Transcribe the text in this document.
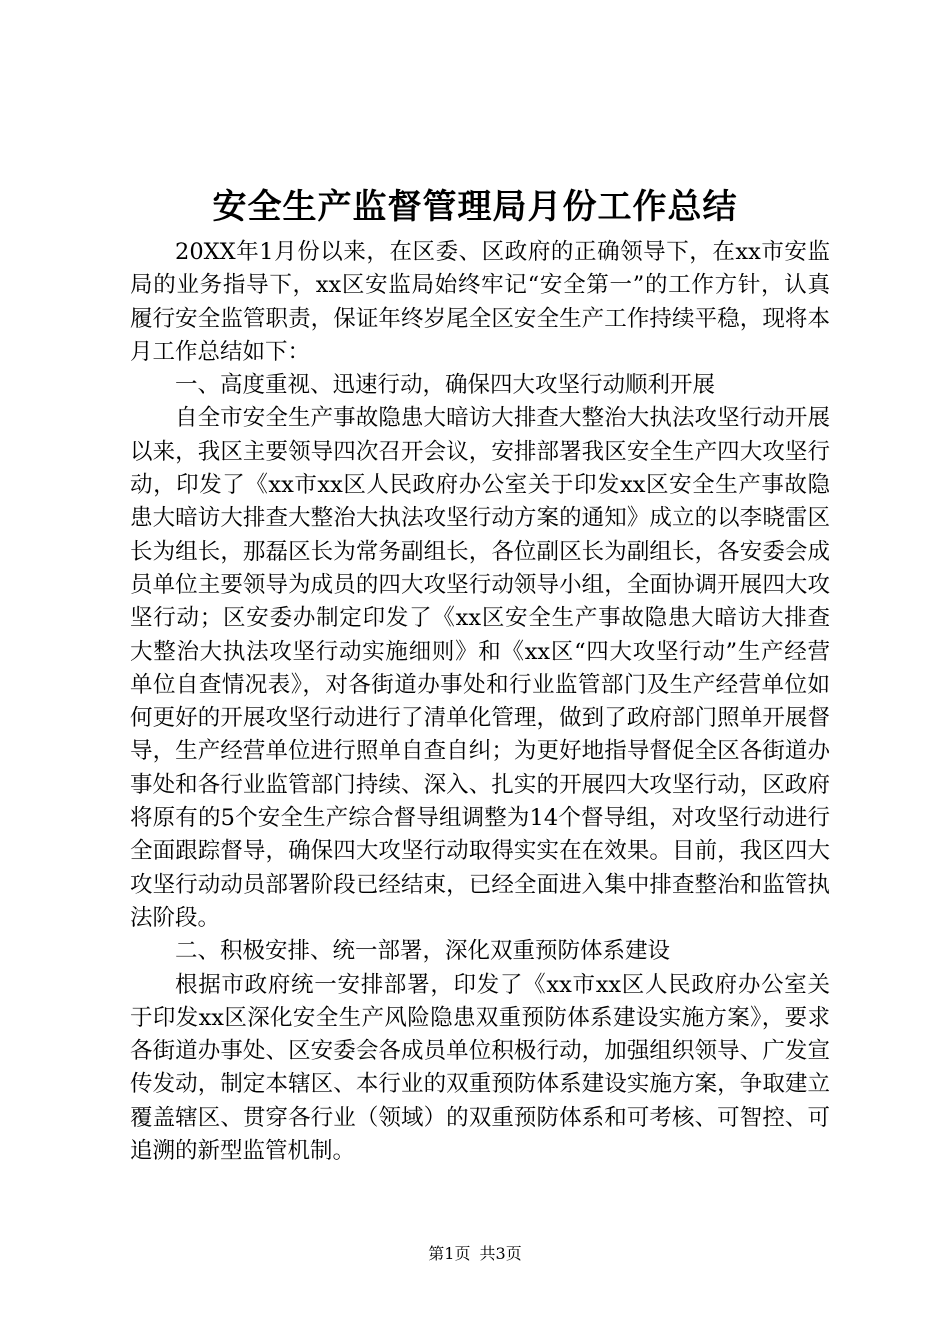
安全生产监督管理局月份工作总结

20XX年1月份以来，在区委、区政府的正确领导下，在xx市安监局的业务指导下，xx区安监局始终牢记“安全第一”的工作方针，认真履行安全监管职责，保证年终岁尾全区安全生产工作持续平稳，现将本月工作总结如下：

一、高度重视、迅速行动，确保四大攻坚行动顺利开展

自全市安全生产事故隐患大暗访大排查大整治大执法攻坚行动开展以来，我区主要领导四次召开会议，安排部署我区安全生产四大攻坚行动，印发了《xx市xx区人民政府办公室关于印发xx区安全生产事故隐患大暗访大排查大整治大执法攻坚行动方案的通知》成立的以李晓雷区长为组长，那磊区长为常务副组长，各位副区长为副组长，各安委会成员单位主要领导为成员的四大攻坚行动领导小组，全面协调开展四大攻坚行动；区安委办制定印发了《xx区安全生产事故隐患大暗访大排查大整治大执法攻坚行动实施细则》和《xx区“四大攻坚行动”生产经营单位自查情况表》，对各街道办事处和行业监管部门及生产经营单位如何更好的开展攻坚行动进行了清单化管理，做到了政府部门照单开展督导，生产经营单位进行照单自查自纠；为更好地指导督促全区各街道办事处和各行业监管部门持续、深入、扎实的开展四大攻坚行动，区政府将原有的5个安全生产综合督导组调整为14个督导组，对攻坚行动进行全面跟踪督导，确保四大攻坚行动取得实实在在效果。目前，我区四大攻坚行动动员部署阶段已经结束，已经全面进入集中排查整治和监管执法阶段。

二、积极安排、统一部署，深化双重预防体系建设

根据市政府统一安排部署，印发了《xx市xx区人民政府办公室关于印发xx区深化安全生产风险隐患双重预防体系建设实施方案》，要求各街道办事处、区安委会各成员单位积极行动，加强组织领导、广发宣传发动，制定本辖区、本行业的双重预防体系建设实施方案，争取建立覆盖辖区、贯穿各行业（领域）的双重预防体系和可考核、可智控、可追溯的新型监管机制。

第1页 共3页
